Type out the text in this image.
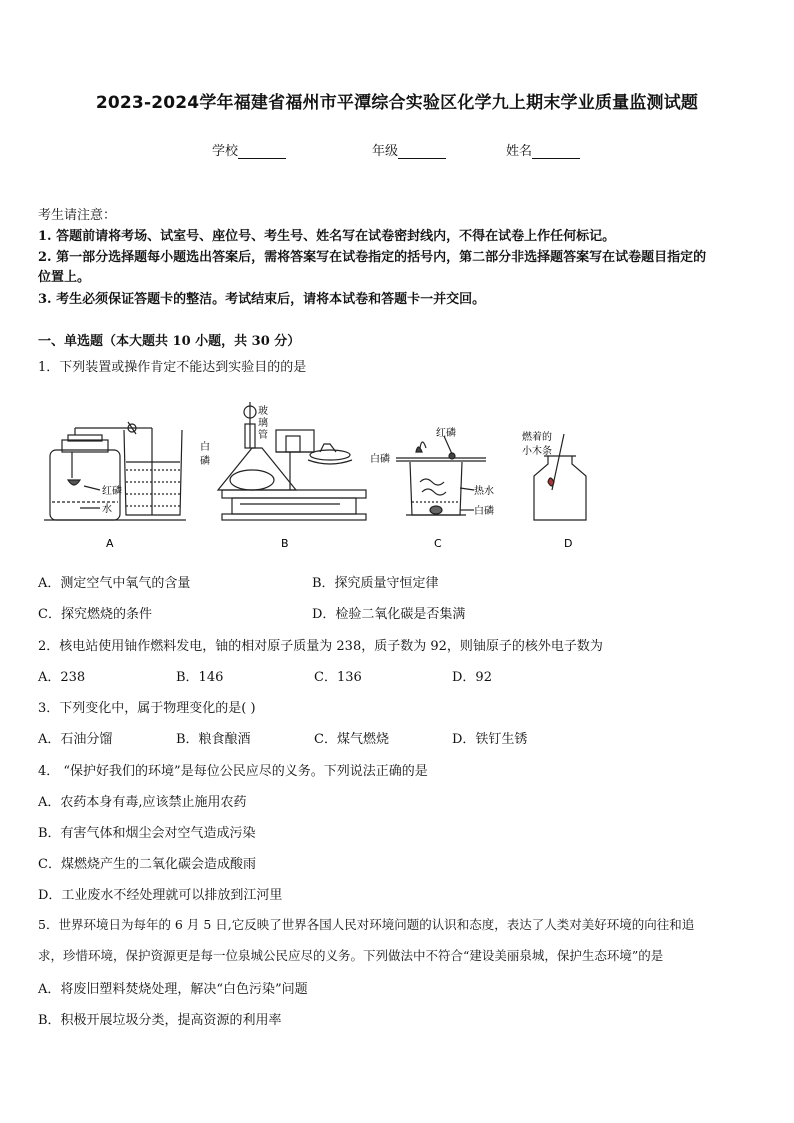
2023-2024学年福建省福州市平潭综合实验区化学九上期末学业质量监测试题
学校	年级	姓名
考生请注意：
1. 答题前请将考场、试室号、座位号、考生号、姓名写在试卷密封线内，不得在试卷上作任何标记。
2. 第一部分选择题每小题选出答案后，需将答案写在试卷指定的括号内，第二部分非选择题答案写在试卷题目指定的
位置上。
3. 考生必须保证答题卡的整洁。考试结束后，请将本试卷和答题卡一并交回。
一、单选题（本大题共 10 小题，共 30 分）
1．下列装置或操作肯定不能达到实验目的的是
红磷
水
A
白
磷
玻
璃
管
B
红磷
白磷
热水
白磷
C
燃着的
小木条
D
A．测定空气中氧气的含量	B．探究质量守恒定律
C．探究燃烧的条件	D．检验二氧化碳是否集满
2．核电站使用铀作燃料发电，铀的相对原子质量为 238，质子数为 92，则铀原子的核外电子数为
A．238	B．146	C．136	D．92
3．下列变化中，属于物理变化的是( )
A．石油分馏	B．粮食酿酒	C．煤气燃烧	D．铁钉生锈
4． “保护好我们的环境”是每位公民应尽的义务。下列说法正确的是
A．农药本身有毒,应该禁止施用农药
B．有害气体和烟尘会对空气造成污染
C．煤燃烧产生的二氧化碳会造成酸雨
D．工业废水不经处理就可以排放到江河里
5．世界环境日为每年的 6 月 5 日,它反映了世界各国人民对环境问题的认识和态度，表达了人类对美好环境的向往和追
求，珍惜环境，保护资源更是每一位泉城公民应尽的义务。下列做法中不符合“建设美丽泉城，保护生态环境”的是
A．将废旧塑料焚烧处理，解决“白色污染”问题
B．积极开展垃圾分类，提高资源的利用率
